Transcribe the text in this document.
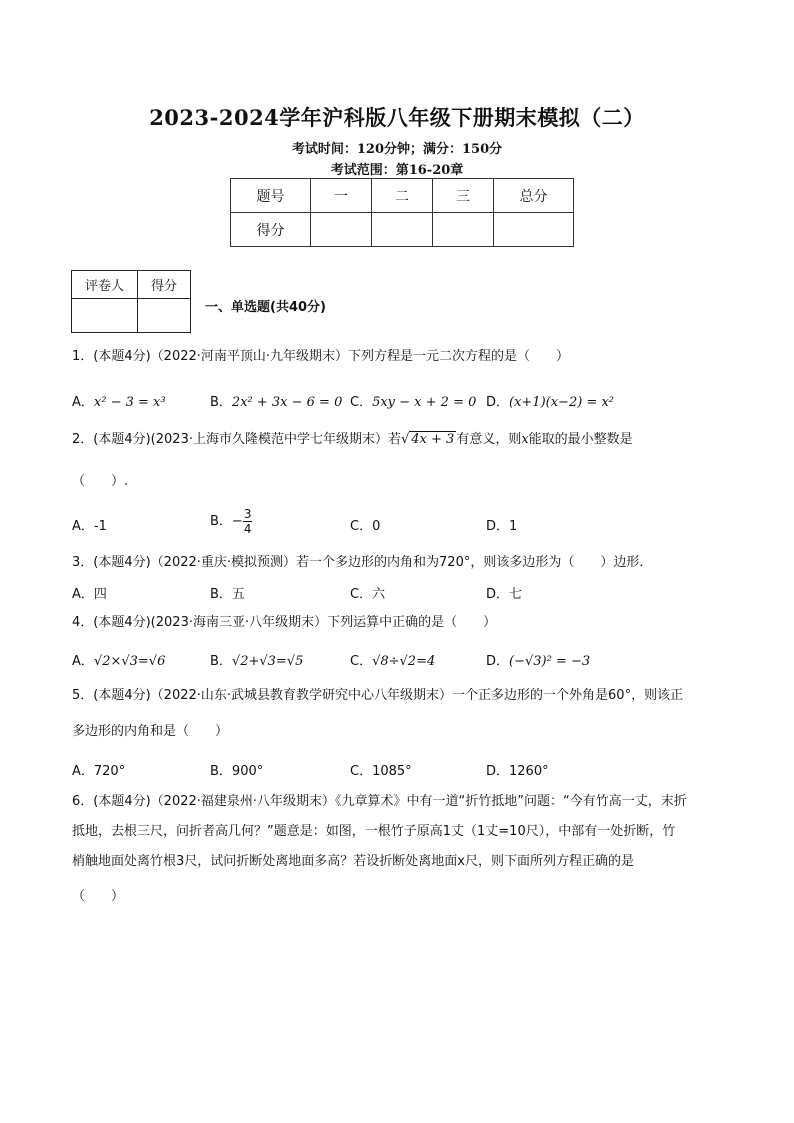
2023-2024学年沪科版八年级下册期末模拟（二）
考试时间：120分钟；满分：150分
考试范围：第16-20章
题号	一	二	三	总分
得分				
评卷人	得分

一、单选题(共40分)
1．(本题4分)（2022·河南平顶山·九年级期末）下列方程是一元二次方程的是（　　）
A．x² − 3 = x³	B．2x² + 3x − 6 = 0 C．5xy − x + 2 = 0 D．(x+1)(x−2) = x²
2．(本题4分)(2023·上海市久隆模范中学七年级期末）若√ 4x + 3 有意义，则x能取的最小整数是
（　　）.
A．-1	B．− $\frac{3}{4}$	C．0	D．1
3．(本题4分)（2022·重庆·模拟预测）若一个多边形的内角和为720°，则该多边形为（　　）边形．
A．四	B．五	C．六	D．七
4．(本题4分)(2023·海南三亚·八年级期末）下列运算中正确的是（　　）
A．√2×√3=√6	B．√2+√3=√5	C．√8÷√2=4	D．(−√3)² = −3
5．(本题4分)（2022·山东·武城县教育教学研究中心八年级期末）一个正多边形的一个外角是60°，则该正
多边形的内角和是（　　）
A．720°	B．900°	C．1085°	D．1260°
6．(本题4分)（2022·福建泉州·八年级期末）《九章算术》中有一道“折竹抵地”问题：“今有竹高一丈，末折
抵地，去根三尺，问折者高几何？”题意是：如图，一根竹子原高1丈（1丈=10尺），中部有一处折断，竹
梢触地面处离竹根3尺，试问折断处离地面多高？若设折断处离地面x尺，则下面所列方程正确的是
（　　）
